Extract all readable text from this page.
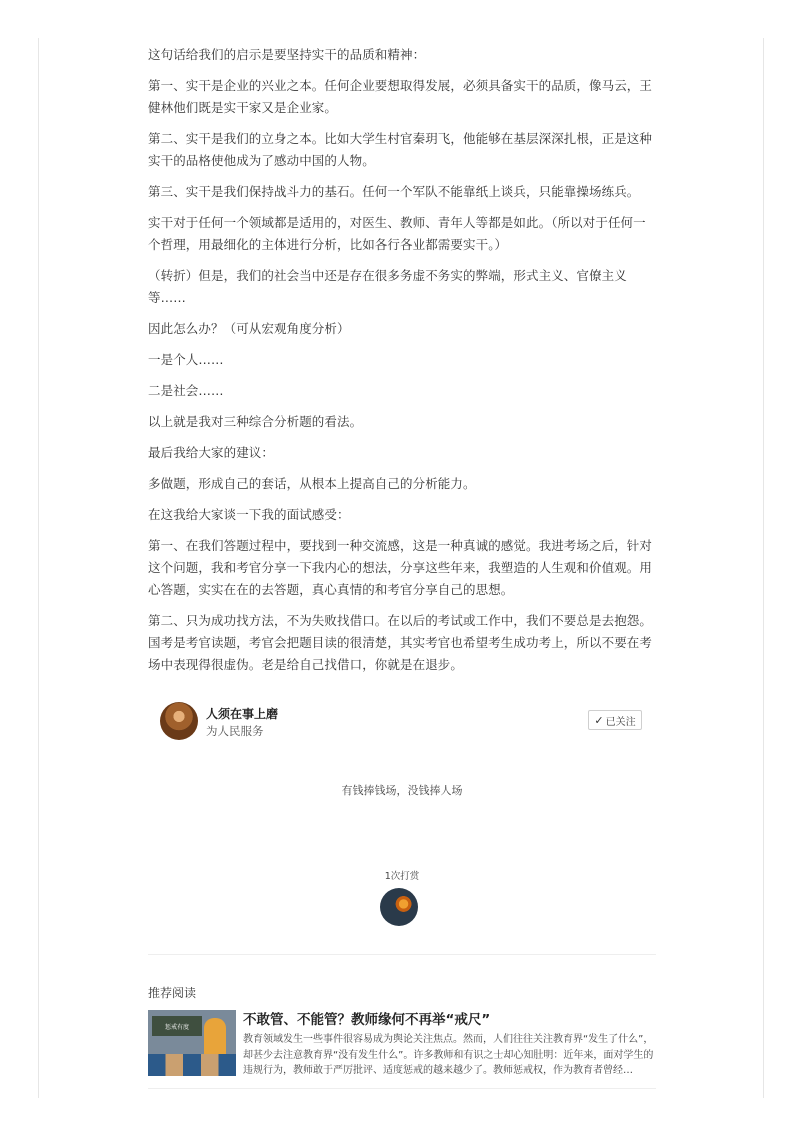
这句话给我们的启示是要坚持实干的品质和精神：

第一、实干是企业的兴业之本。任何企业要想取得发展，必须具备实干的品质，像马云，王健林他们既是实干家又是企业家。

第二、实干是我们的立身之本。比如大学生村官秦玥飞，他能够在基层深深扎根，正是这种实干的品格使他成为了感动中国的人物。

第三、实干是我们保持战斗力的基石。任何一个军队不能靠纸上谈兵，只能靠操场练兵。

实干对于任何一个领域都是适用的，对医生、教师、青年人等都是如此。（所以对于任何一个哲理，用最细化的主体进行分析，比如各行各业都需要实干。）

（转折）但是，我们的社会当中还是存在很多务虚不务实的弊端，形式主义、官僚主义等……

因此怎么办？（可从宏观角度分析）

一是个人……

二是社会……

以上就是我对三种综合分析题的看法。

最后我给大家的建议：

多做题，形成自己的套话，从根本上提高自己的分析能力。

在这我给大家谈一下我的面试感受：

第一、在我们答题过程中，要找到一种交流感，这是一种真诚的感觉。我进考场之后，针对这个问题，我和考官分享一下我内心的想法，分享这些年来，我塑造的人生观和价值观。用心答题，实实在在的去答题，真心真情的和考官分享自己的思想。

第二、只为成功找方法，不为失败找借口。在以后的考试或工作中，我们不要总是去抱怨。国考是考官读题，考官会把题目读的很清楚，其实考官也希望考生成功考上，所以不要在考场中表现得很虚伪。老是给自己找借口，你就是在退步。

人须在事上磨
为人民服务
✓ 已关注
有钱捧钱场，没钱捧人场
1次打赏
推荐阅读
惩戒有度	不敢管、不能管？教师缘何不再举“戒尺”
教育领域发生一些事件很容易成为舆论关注焦点。然而，人们往往关注教育界“发生了什么”，却甚少去注意教育界“没有发生什么”。许多教师和有识之士却心知肚明：近年来，面对学生的违规行为，教师敢于严厉批评、适度惩戒的越来越少了。教师惩戒权，作为教育者曾经…
